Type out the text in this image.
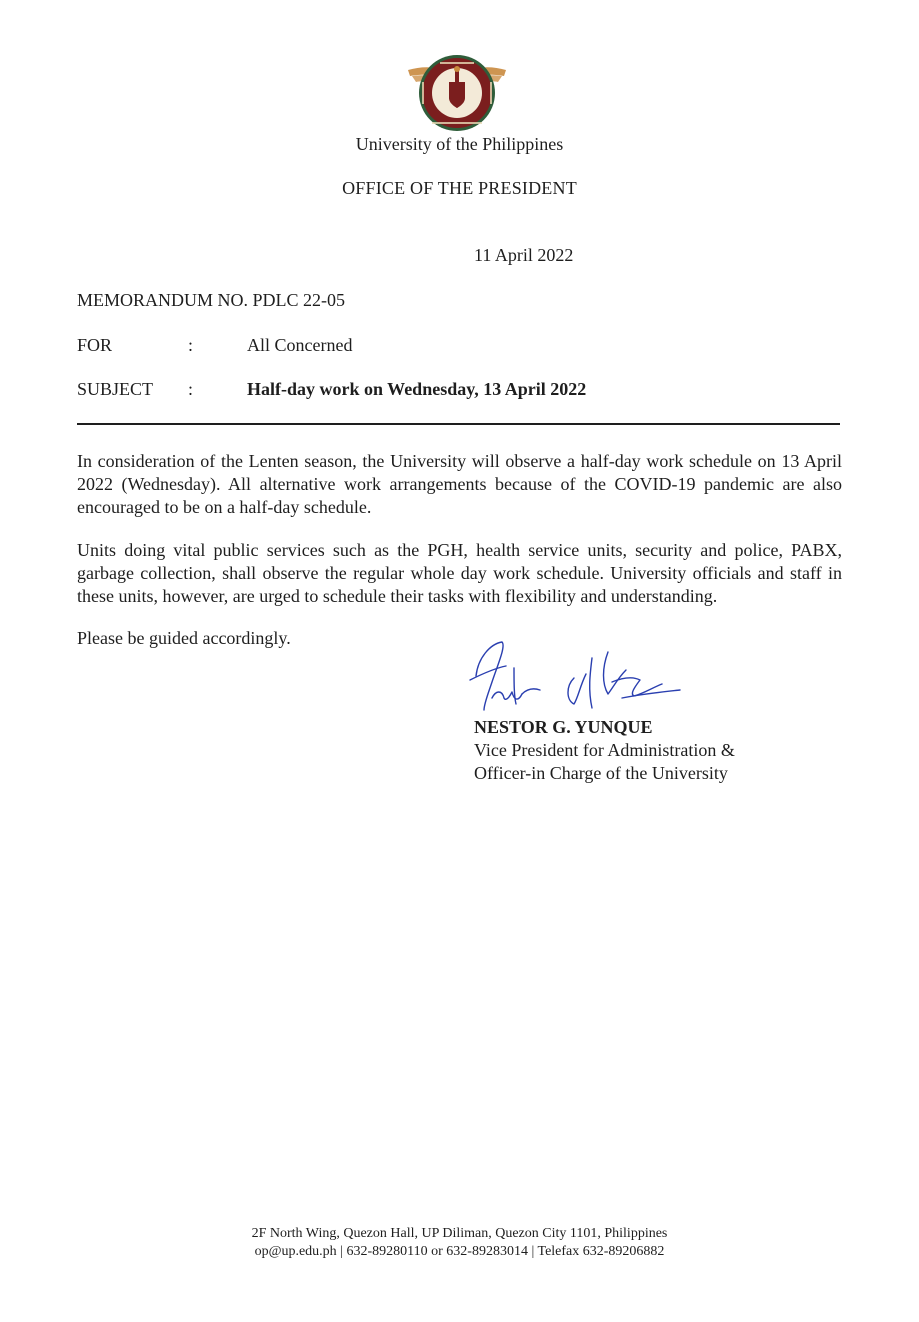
University of the Philippines
OFFICE OF THE PRESIDENT
11 April 2022
MEMORANDUM NO. PDLC 22-05
FOR	:	All Concerned
SUBJECT :	Half-day work on Wednesday, 13 April 2022

In consideration of the Lenten season, the University will observe a half-day work schedule on 13 April 2022 (Wednesday). All alternative work arrangements because of the COVID-19 pandemic are also encouraged to be on a half-day schedule.

Units doing vital public services such as the PGH, health service units, security and police, PABX, garbage collection, shall observe the regular whole day work schedule. University officials and staff in these units, however, are urged to schedule their tasks with flexibility and understanding.

Please be guided accordingly.

NESTOR G. YUNQUE
Vice President for Administration &
Officer-in Charge of the University
2F North Wing, Quezon Hall, UP Diliman, Quezon City 1101, Philippines
op@up.edu.ph | 632-89280110 or 632-89283014 | Telefax 632-89206882
